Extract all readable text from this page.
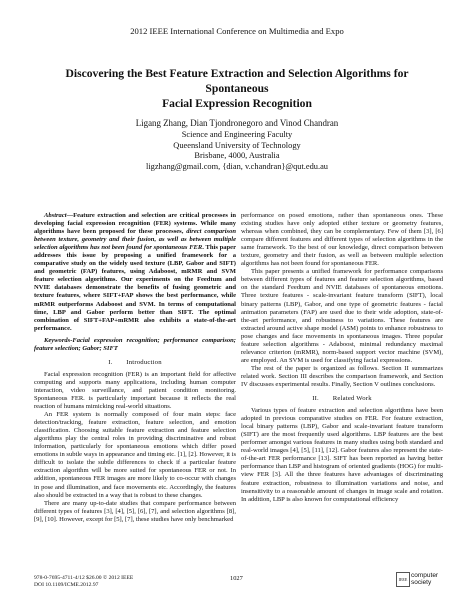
2012 IEEE International Conference on Multimedia and Expo
Discovering the Best Feature Extraction and Selection Algorithms for Spontaneous
Facial Expression Recognition
Ligang Zhang, Dian Tjondronegoro and Vinod Chandran
Science and Engineering Faculty
Queensland University of Technology
Brisbane, 4000, Australia
ligzhang@gmail.com, {dian, v.chandran}@qut.edu.au

Abstract—Feature extraction and selection are critical processes in developing facial expression recognition (FER) systems. While many algorithms have been proposed for these processes, direct comparison between texture, geometry and their fusion, as well as between multiple selection algorithms has not been found for spontaneous FER. This paper addresses this issue by proposing a unified framework for a comparative study on the widely used texture (LBP, Gabor and SIFT) and geometric (FAP) features, using Adaboost, mRMR and SVM feature selection algorithms. Our experiments on the Feedtum and NVIE databases demonstrate the benefits of fusing geometric and texture features, where SIFT+FAP shows the best performance, while mRMR outperforms Adaboost and SVM. In terms of computational time, LBP and Gabor perform better than SIFT. The optimal combination of SIFT+FAP+mRMR also exhibits a state-of-the-art performance.

Keywords-Facial expression recognition; performance comparison; feature selection; Gabor; SIFT

I.  Introduction

Facial expression recognition (FER) is an important field for affective computing and supports many applications, including human computer interaction, video surveillance, and patient condition monitoring. Spontaneous FER. is particularly important because it reflects the real reaction of humans mimicking real-world situations.

An FER system is normally composed of four main steps: face detection/tracking, feature extraction, feature selection, and emotion classification. Choosing suitable feature extraction and feature selection algorithms play the central roles in providing discriminative and robust information, particularly for spontaneous emotions which differ posed emotions in subtle ways in appearance and timing etc. [1], [2]. However, it is difficult to isolate the subtle differences to check if a particular feature extraction algorithm will be more suited for spontaneous FER or not. In addition, spontaneous FER images are more likely to co-occur with changes in pose and illumination, and face movements etc. Accordingly, the features also should be extracted in a way that is robust to these changes.

There are many up-to-date studies that compare performance between different types of features [3], [4], [5], [6], [7], and selection algorithms [8], [9], [10]. However, except for [5], [7], these studies have only benchmarked

performance on posed emotions, rather than spontaneous ones. These existing studies have only adopted either texture or geometry features, whereas when combined, they can be complementary. Few of them [3], [6] compare different features and different types of selection algorithms in the same framework. To the best of our knowledge, direct comparison between texture, geometry and their fusion, as well as between multiple selection algorithms has not been found for spontaneous FER.

This paper presents a unified framework for performance comparisons between different types of features and feature selection algorithms, based on the standard Feedtum and NVIE databases of spontaneous emotions. Three texture features - scale-invariant feature transform (SIFT), local binary patterns (LBP), Gabor, and one type of geometric features - facial animation parameters (FAP) are used due to their wide adoption, state-of-the-art performance, and robustness to variations. These features are extracted around active shape model (ASM) points to enhance robustness to pose changes and face movements in spontaneous images. Three popular feature selection algorithms - Adaboost, minimal redundancy maximal relevance criterion (mRMR), norm-based support vector machine (SVM), are employed. An SVM is used for classifying facial expressions.

The rest of the paper is organized as follows. Section II summarizes related work. Section III describes the comparison framework, and Section IV discusses experimental results. Finally, Section V outlines conclusions.

II.  Related Work

Various types of feature extraction and selection algorithms have been adopted in previous comparative studies on FER. For feature extraction, local binary patterns (LBP), Gabor and scale-invariant feature transform (SIFT) are the most frequently used algorithms. LBP features are the best performer amongst various features in many studies using both standard and real-world images [4], [5], [11], [12]. Gabor features also represent the state-of-the-art FER performance [13]. SIFT has been reported as having better performance than LBP and histogram of oriented gradients (HOG) for multi-view FER [3]. All the three features have advantages of discriminating feature extraction, robustness to illumination variations and noise, and insensitivity to a reasonable amount of changes in image scale and rotation. In addition, LBP is also known for computational efficiency

978-0-7695-4711-4/12 $26.00 © 2012 IEEE
DOI 10.1109/ICME.2012.97
1027	IEEE
computer
society
